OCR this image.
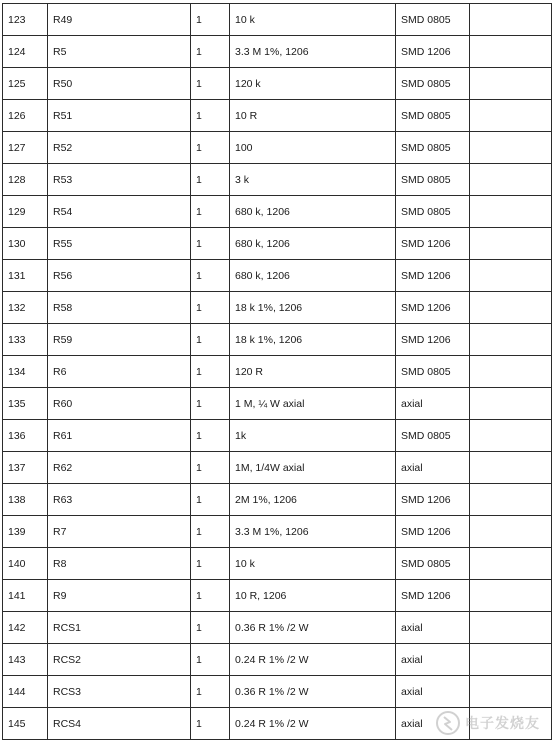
123	R49	1	10 k	SMD 0805	
124	R5	1	3.3 M 1%, 1206	SMD 1206	
125	R50	1	120 k	SMD 0805	
126	R51	1	10 R	SMD 0805	
127	R52	1	100	SMD 0805	
128	R53	1	3 k	SMD 0805	
129	R54	1	680 k, 1206	SMD 0805	
130	R55	1	680 k, 1206	SMD 1206	
131	R56	1	680 k, 1206	SMD 1206	
132	R58	1	18 k 1%, 1206	SMD 1206	
133	R59	1	18 k 1%, 1206	SMD 1206	
134	R6	1	120 R	SMD 0805	
135	R60	1	1 M, ¼ W axial	axial	
136	R61	1	1k	SMD 0805	
137	R62	1	1M, 1/4W axial	axial	
138	R63	1	2M 1%, 1206	SMD 1206	
139	R7	1	3.3 M 1%, 1206	SMD 1206	
140	R8	1	10 k	SMD 0805	
141	R9	1	10 R, 1206	SMD 1206	
142	RCS1	1	0.36 R 1% /2 W	axial	
143	RCS2	1	0.24 R 1% /2 W	axial	
144	RCS3	1	0.36 R 1% /2 W	axial	
145	RCS4	1	0.24 R 1% /2 W	axial		电子发烧友
